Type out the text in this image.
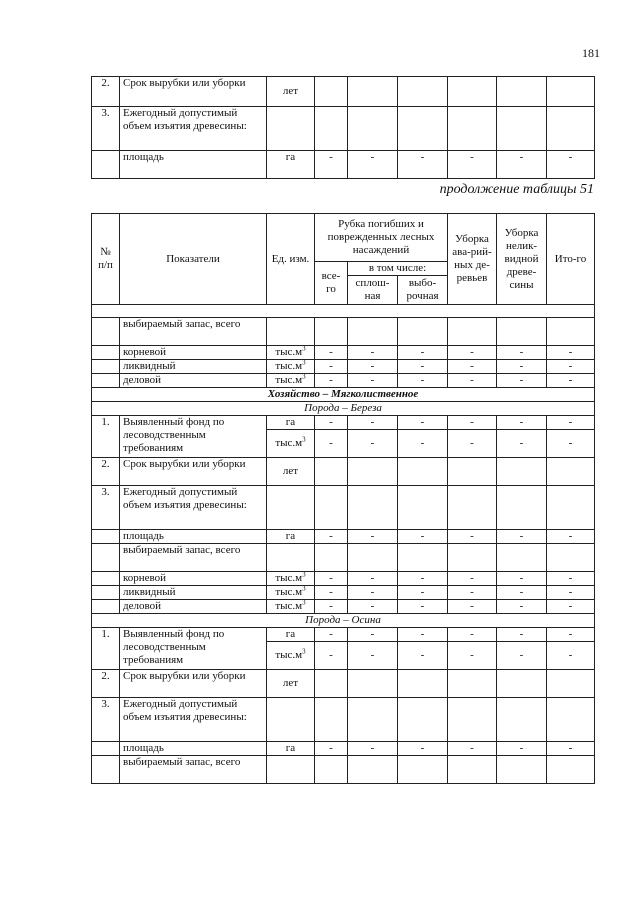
181
2.	Срок вырубки или уборки	лет						
3.	Ежегодный допустимый объем изъятия древесины:							
	площадь	га	-	-	-	-	-	-
продолжение таблицы 51
№ п/п	Показатели	Ед. изм.	Рубка погибших и поврежденных лесных насаждений			Уборка ава-рий-ных де-ревьев	Уборка нелик-видной древе-сины	Ито-го
			все-го	в том числе:				
				сплош-ная	выбо-рочная			

	выбираемый запас, всего							
	корневой	$тыс.м^3$	-	-	-	-	-	-
	ликвидный	$тыс.м^3$	-	-	-	-	-	-
	деловой	$тыс.м^3$	-	-	-	-	-	-
Хозяйство – Мягколиственное								
Порода – Береза								
1.	Выявленный фонд по лесоводственным требованиям	га	-	-	-	-	-	-
		$тыс.м^3$	-	-	-	-	-	-
2.	Срок вырубки или уборки	лет						
3.	Ежегодный допустимый объем изъятия древесины:							
	площадь	га	-	-	-	-	-	-
	выбираемый запас, всего							
	корневой	$тыс.м^3$	-	-	-	-	-	-
	ликвидный	$тыс.м^3$	-	-	-	-	-	-
	деловой	$тыс.м^3$	-	-	-	-	-	-
Порода – Осина								
1.	Выявленный фонд по лесоводственным требованиям	га	-	-	-	-	-	-
		$тыс.м^3$	-	-	-	-	-	-
2.	Срок вырубки или уборки	лет						
3.	Ежегодный допустимый объем изъятия древесины:							
	площадь	га	-	-	-	-	-	-
	выбираемый запас, всего							
